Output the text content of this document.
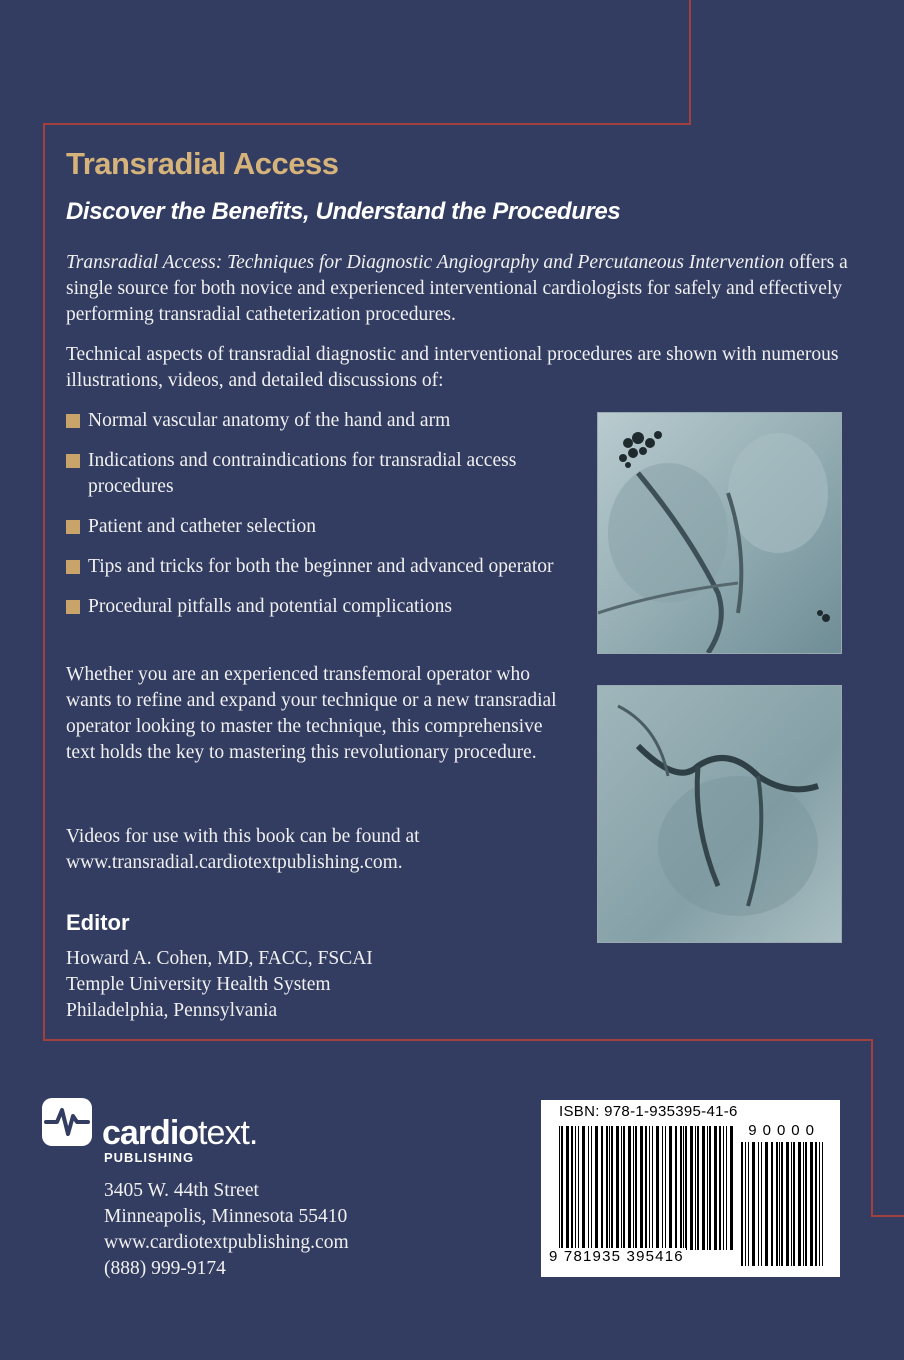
Transradial Access
Discover the Benefits, Understand the Procedures
Transradial Access: Techniques for Diagnostic Angiography and Percutaneous Intervention offers a single source for both novice and experienced interventional cardiologists for safely and effectively performing transradial catheterization procedures.
Technical aspects of transradial diagnostic and interventional procedures are shown with numerous illustrations, videos, and detailed discussions of:
Normal vascular anatomy of the hand and arm
Indications and contraindications for transradial access procedures
Patient and catheter selection
Tips and tricks for both the beginner and advanced operator
Procedural pitfalls and potential complications
Whether you are an experienced transfemoral operator who wants to refine and expand your technique or a new transradial operator looking to master the technique, this comprehensive text holds the key to mastering this revolutionary procedure.
Videos for use with this book can be found at
www.transradial.cardiotextpublishing.com.
Editor
Howard A. Cohen, MD, FACC, FSCAI
Temple University Health System
Philadelphia, Pennsylvania
cardiotext.
PUBLISHING
3405 W. 44th Street
Minneapolis, Minnesota 55410
www.cardiotextpublishing.com
(888) 999-9174
ISBN: 978-1-935395-41-6
90000
9 781935 395416
